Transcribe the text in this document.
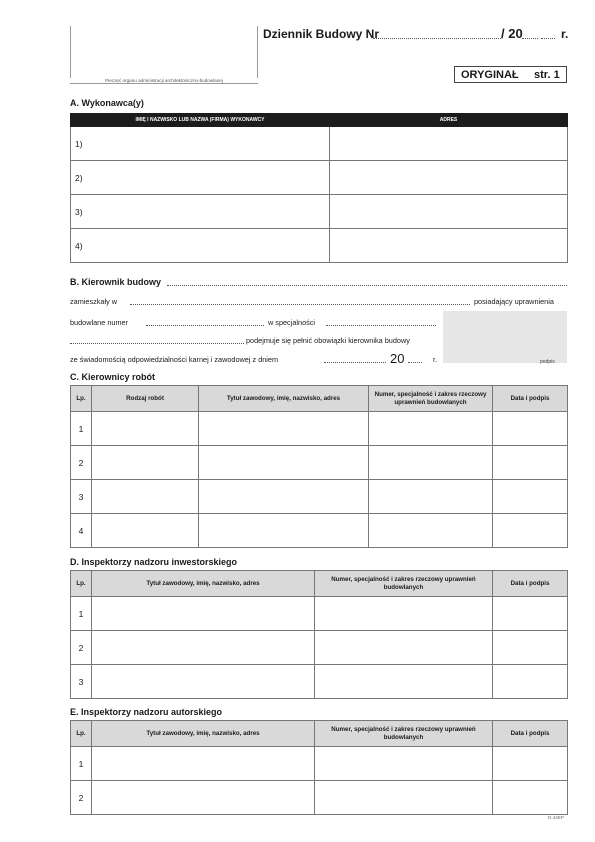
Pieczęć organu administracji architektoniczno-budowlanej
Dziennik Budowy Nr	/ 20	r.
ORYGINAŁ str. 1
A. Wykonawca(y)
IMIĘ I NAZWISKO LUB NAZWA (FIRMA) WYKONAWCY	ADRES
1)	
2)	
3)	
4)	
B. Kierownik budowy
zamieszkały w	posiadający uprawnienia
budowlane numer	w specjalności
podejmuje się pełnić obowiązki kierownika budowy
ze świadomością odpowiedzialności karnej i zawodowej z dniem	20	r.	podpis
C. Kierownicy robót
Lp.	Rodzaj robót	Tytuł zawodowy, imię, nazwisko, adres	Numer, specjalność i zakres rzeczowy uprawnień budowlanych	Data i podpis
1				
2				
3				
4				
D. Inspektorzy nadzoru inwestorskiego
Lp.	Tytuł zawodowy, imię, nazwisko, adres	Numer, specjalność i zakres rzeczowy uprawnień budowlanych	Data i podpis
1			
2			
3			
E. Inspektorzy nadzoru autorskiego
Lp.	Tytuł zawodowy, imię, nazwisko, adres	Numer, specjalność i zakres rzeczowy uprawnień budowlanych	Data i podpis
1			
2			
D-44EP
